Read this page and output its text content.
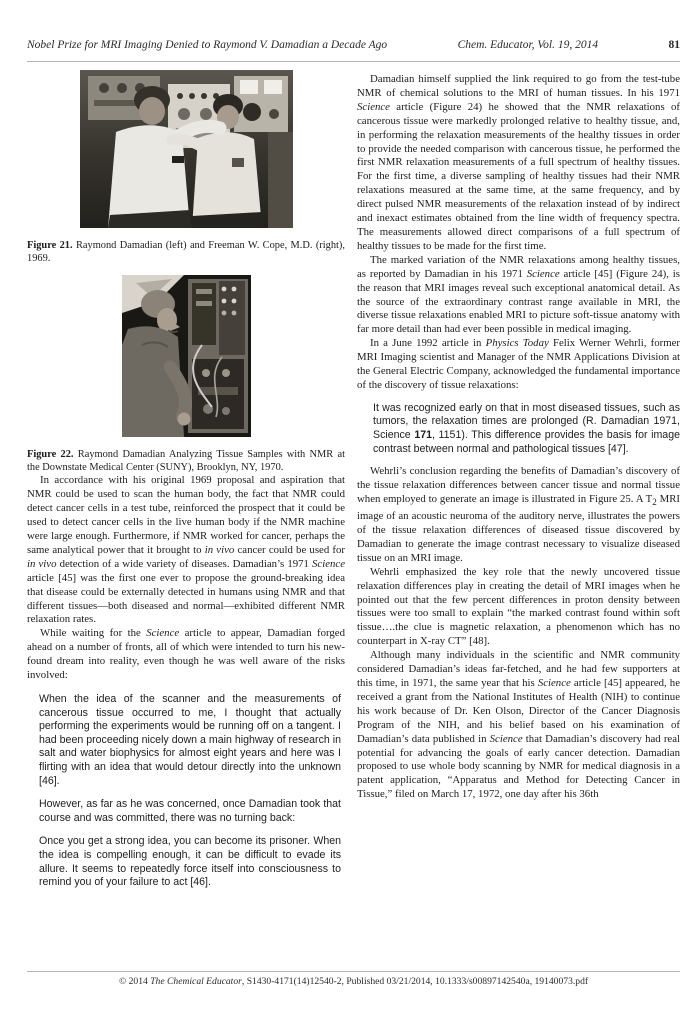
Nobel Prize for MRI Imaging Denied to Raymond V. Damadian a Decade Ago	Chem. Educator, Vol. 19, 2014	81
Figure 21. Raymond Damadian (left) and Freeman W. Cope, M.D. (right), 1969.
Figure 22. Raymond Damadian Analyzing Tissue Samples with NMR at the Downstate Medical Center (SUNY), Brooklyn, NY, 1970.

In accordance with his original 1969 proposal and aspiration that NMR could be used to scan the human body, the fact that NMR could detect cancer cells in a test tube, reinforced the prospect that it could be used to detect cancer cells in the live human body if the NMR machine were large enough. Furthermore, if NMR worked for cancer, perhaps the same analytical power that it brought to in vivo cancer could be used for in vivo detection of a wide variety of diseases. Damadian’s 1971 Science article [45] was the first one ever to propose the ground-breaking idea that disease could be externally detected in humans using NMR and that different tissues—both diseased and normal—exhibited different NMR relaxation rates.

While waiting for the Science article to appear, Damadian forged ahead on a number of fronts, all of which were intended to turn his new-found dream into reality, even though he was well aware of the risks involved:

When the idea of the scanner and the measurements of cancerous tissue occurred to me, I thought that actually performing the experiments would be running off on a tangent. I had been proceeding nicely down a main highway of research in salt and water biophysics for almost eight years and here was I flirting with an idea that would detour directly into the unknown [46].
However, as far as he was concerned, once Damadian took that course and was committed, there was no turning back:
Once you get a strong idea, you can become its prisoner. When the idea is compelling enough, it can be difficult to evade its allure. It seems to repeatedly force itself into consciousness to remind you of your failure to act [46].

Damadian himself supplied the link required to go from the test-tube NMR of chemical solutions to the MRI of human tissues. In his 1971 Science article (Figure 24) he showed that the NMR relaxations of cancerous tissue were markedly prolonged relative to healthy tissue, and, in performing the relaxation measurements of the healthy tissues in order to provide the needed comparison with cancerous tissue, he performed the first NMR relaxation measurements of a full spectrum of healthy tissues. For the first time, a diverse sampling of healthy tissues had their NMR relaxations measured at the same time, at the same frequency, and by direct pulsed NMR measurements of the relaxation instead of by indirect and inexact estimates obtained from the line width of frequency spectra. The measurements allowed direct comparisons of a full spectrum of healthy tissues to be made for the first time.

The marked variation of the NMR relaxations among healthy tissues, as reported by Damadian in his 1971 Science article [45] (Figure 24), is the reason that MRI images reveal such exceptional anatomical detail. As the source of the extraordinary contrast range available in MRI, the diverse tissue relaxations enabled MRI to picture soft-tissue anatomy with far more detail than had ever been possible in medical imaging.

In a June 1992 article in Physics Today Felix Werner Wehrli, former MRI Imaging scientist and Manager of the NMR Applications Division at the General Electric Company, acknowledged the fundamental importance of the discovery of tissue relaxations:

It was recognized early on that in most diseased tissues, such as tumors, the relaxation times are prolonged (R. Damadian 1971, Science 171, 1151). This difference provides the basis for image contrast between normal and pathological tissues [47].

Wehrli’s conclusion regarding the benefits of Damadian’s discovery of the tissue relaxation differences between cancer tissue and normal tissue when employed to generate an image is illustrated in Figure 25. A $T_2$ MRI image of an acoustic neuroma of the auditory nerve, illustrates the powers of the tissue relaxation differences of diseased tissue discovered by Damadian to generate the image contrast necessary to visualize diseased tissue on an MRI image.

Wehrli emphasized the key role that the newly uncovered tissue relaxation differences play in creating the detail of MRI images when he pointed out that the few percent differences in proton density between tissues were too small to explain “the marked contrast found within soft tissue….the clue is magnetic relaxation, a phenomenon which has no counterpart in X-ray CT” [48].

Although many individuals in the scientific and NMR community considered Damadian’s ideas far-fetched, and he had few supporters at this time, in 1971, the same year that his Science article [45] appeared, he received a grant from the National Institutes of Health (NIH) to continue his work because of Dr. Ken Olson, Director of the Cancer Diagnosis Program of the NIH, and his belief based on his examination of Damadian’s data published in Science that Damadian’s discovery had real potential for advancing the goals of early cancer detection. Damadian proposed to use whole body scanning by NMR for medical diagnosis in a patent application, “Apparatus and Method for Detecting Cancer in Tissue,” filed on March 17, 1972, one day after his 36th

© 2014 The Chemical Educator, S1430-4171(14)12540-2, Published 03/21/2014, 10.1333/s00897142540a, 19140073.pdf
